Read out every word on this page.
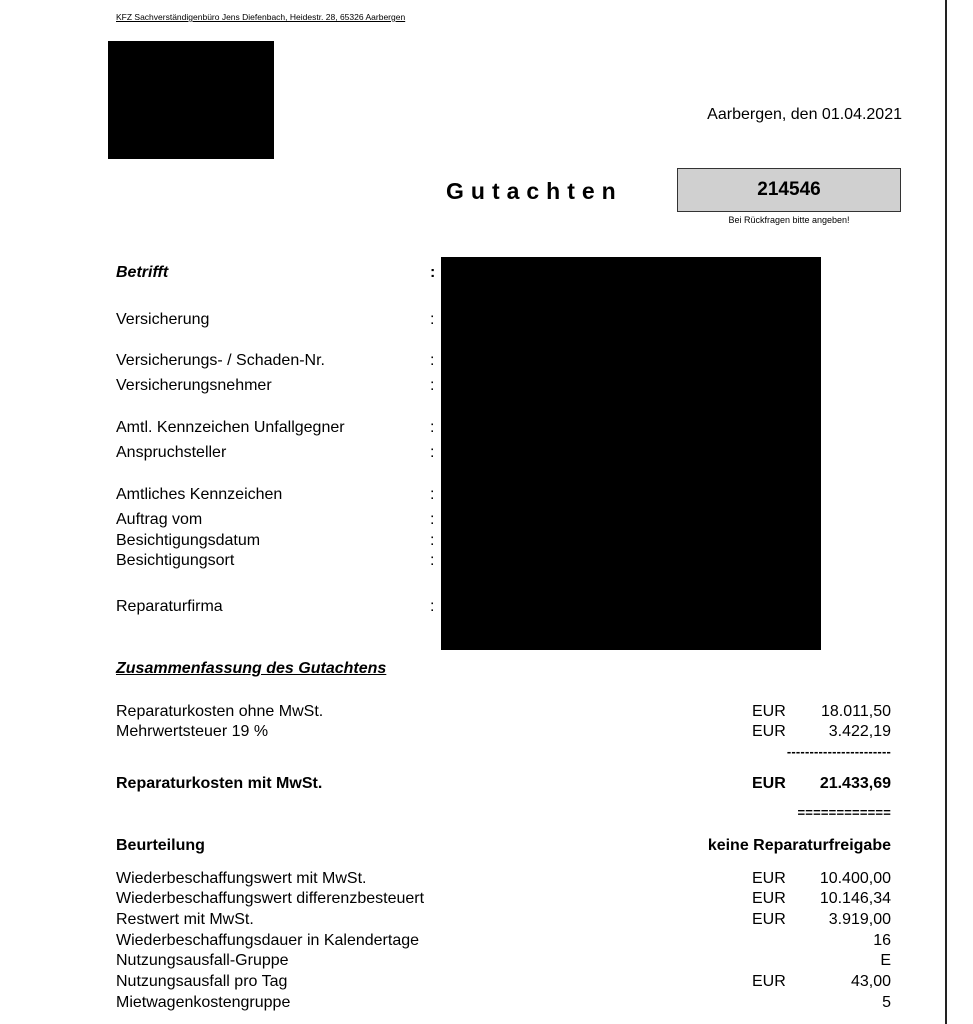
KFZ Sachverständigenbüro Jens Diefenbach, Heidestr. 28, 65326 Aarbergen
Aarbergen, den 01.04.2021
Gutachten	214546
Bei Rückfragen bitte angeben!
Betrifft	:
Versicherung	:
Versicherungs- / Schaden-Nr.	:
Versicherungsnehmer	:
Amtl. Kennzeichen Unfallgegner	:
Anspruchsteller	:
Amtliches Kennzeichen	:
Auftrag vom	:
Besichtigungsdatum	:
Besichtigungsort	:
Reparaturfirma	:
Zusammenfassung des Gutachtens
Reparaturkosten ohne MwSt.	EUR 18.011,50
Mehrwertsteuer 19 %	EUR	3.422,19
-----------------------
Reparaturkosten mit MwSt.	EUR 21.433,69
============
Beurteilung	keine Reparaturfreigabe
Wiederbeschaffungswert mit MwSt.	EUR 10.400,00
Wiederbeschaffungswert differenzbesteuert	EUR 10.146,34
Restwert mit MwSt.	EUR	3.919,00
Wiederbeschaffungsdauer in Kalendertage	16
Nutzungsausfall-Gruppe	E
Nutzungsausfall pro Tag	EUR	43,00
Mietwagenkostengruppe	5
